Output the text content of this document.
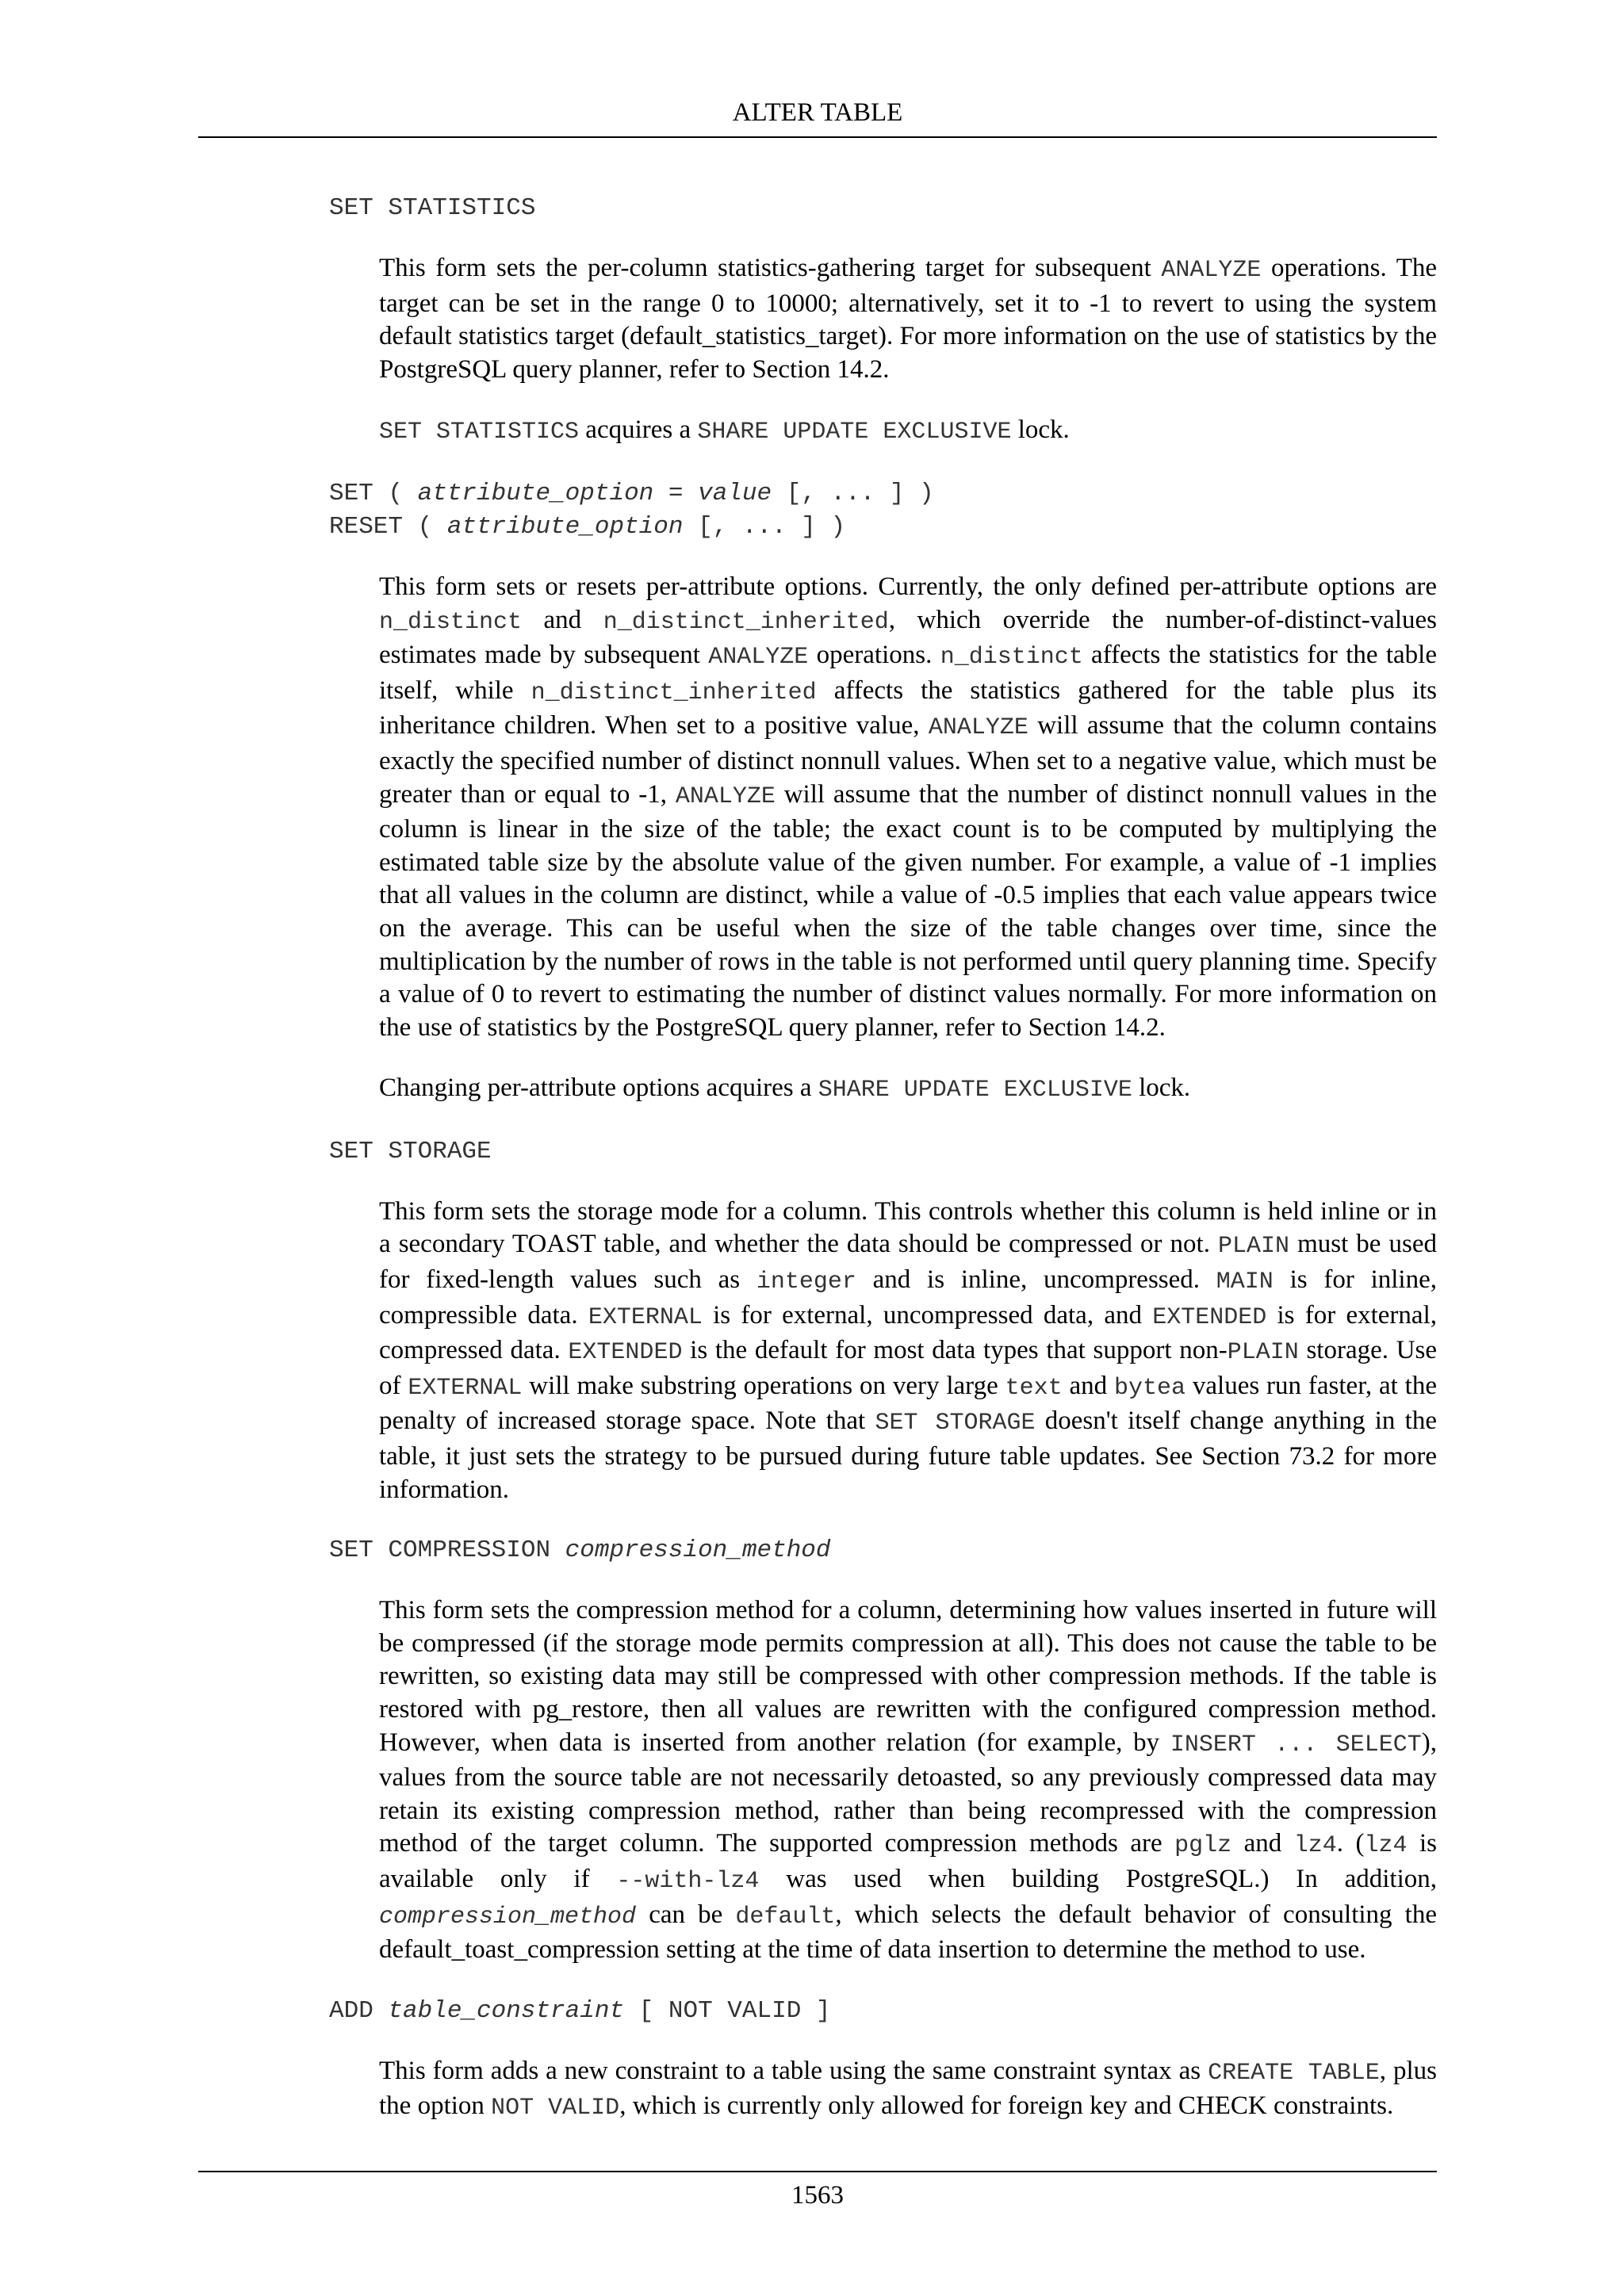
ALTER TABLE
SET STATISTICS

This form sets the per-column statistics-gathering target for subsequent ANALYZE operations. The target can be set in the range 0 to 10000; alternatively, set it to -1 to revert to using the system default statistics target (default_statistics_target). For more information on the use of statistics by the PostgreSQL query planner, refer to Section 14.2.

SET STATISTICS acquires a SHARE UPDATE EXCLUSIVE lock.

SET ( attribute_option = value [, ... ] )
RESET ( attribute_option [, ... ] )

This form sets or resets per-attribute options. Currently, the only defined per-attribute options are n_distinct and n_distinct_inherited, which override the number-of-distinct-values estimates made by subsequent ANALYZE operations. n_distinct affects the statistics for the table itself, while n_distinct_inherited affects the statistics gathered for the table plus its inheritance children. When set to a positive value, ANALYZE will assume that the column contains exactly the specified number of distinct nonnull values. When set to a negative value, which must be greater than or equal to -1, ANALYZE will assume that the number of distinct nonnull values in the column is linear in the size of the table; the exact count is to be computed by multiplying the estimated table size by the absolute value of the given number. For example, a value of -1 implies that all values in the column are distinct, while a value of -0.5 implies that each value appears twice on the average. This can be useful when the size of the table changes over time, since the multiplication by the number of rows in the table is not performed until query planning time. Specify a value of 0 to revert to estimating the number of distinct values normally. For more information on the use of statistics by the PostgreSQL query planner, refer to Section 14.2.

Changing per-attribute options acquires a SHARE UPDATE EXCLUSIVE lock.

SET STORAGE

This form sets the storage mode for a column. This controls whether this column is held inline or in a secondary TOAST table, and whether the data should be compressed or not. PLAIN must be used for fixed-length values such as integer and is inline, uncompressed. MAIN is for inline, compressible data. EXTERNAL is for external, uncompressed data, and EXTENDED is for external, compressed data. EXTENDED is the default for most data types that support non-PLAIN storage. Use of EXTERNAL will make substring operations on very large text and bytea values run faster, at the penalty of increased storage space. Note that SET STORAGE doesn't itself change anything in the table, it just sets the strategy to be pursued during future table updates. See Section 73.2 for more information.

SET COMPRESSION compression_method

This form sets the compression method for a column, determining how values inserted in future will be compressed (if the storage mode permits compression at all). This does not cause the table to be rewritten, so existing data may still be compressed with other compression methods. If the table is restored with pg_restore, then all values are rewritten with the configured compression method. However, when data is inserted from another relation (for example, by INSERT ... SELECT), values from the source table are not necessarily detoasted, so any previously compressed data may retain its existing compression method, rather than being recompressed with the compression method of the target column. The supported compression methods are pglz and lz4. (lz4 is available only if --with-lz4 was used when building PostgreSQL.) In addition, compression_method can be default, which selects the default behavior of consulting the default_toast_compression setting at the time of data insertion to determine the method to use.

ADD table_constraint [ NOT VALID ]

This form adds a new constraint to a table using the same constraint syntax as CREATE TABLE, plus the option NOT VALID, which is currently only allowed for foreign key and CHECK constraints.

1563
